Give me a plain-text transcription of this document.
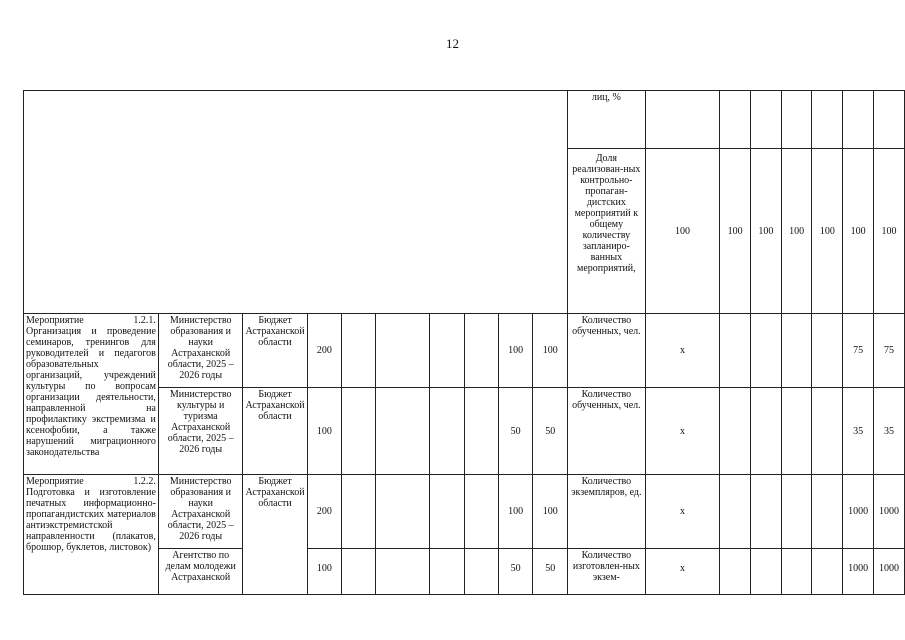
12
										лиц, %							
										Доля реализован-ных контрольно-пропаган-дистских мероприятий к общему количеству запланиро-ванных мероприятий,	100	100	100	100	100	100	100
Мероприятие 1.2.1. Организация и проведение семинаров, тренингов для руководителей и педагогов образовательных организаций, учреждений культуры по вопросам организации деятельности, направленной на профилактику экстремизма и ксенофобии, а также нарушений миграционного законодательства	Министерство образования и науки Астраханской области, 2025 – 2026 годы	Бюджет Астраханской области	200					100	100	Количество обученных, чел.	x					75	75
	Министерство культуры и туризма Астраханской области, 2025 – 2026 годы	Бюджет Астраханской области	100					50	50	Количество обученных, чел.	x					35	35
Мероприятие 1.2.2. Подготовка и изготовление печатных информационно-пропагандистских материалов антиэкстремистской направленности (плакатов, брошюр, буклетов, листовок)	Министерство образования и науки Астраханской области, 2025 – 2026 годы	Бюджет Астраханской области	200					100	100	Количество экземпляров, ед.	x					1000	1000
	Агентство по делам молодежи Астраханской		100					50	50	Количество изготовлен-ных экзем-	x					1000	1000
